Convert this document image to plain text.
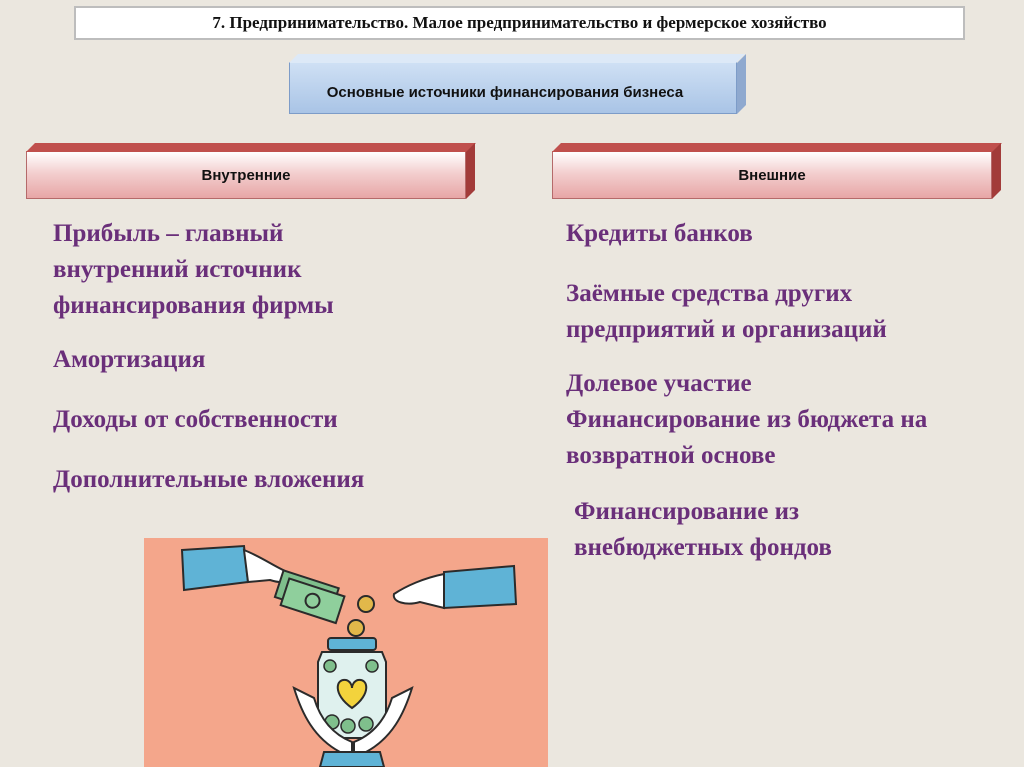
7. Предпринимательство. Малое предпринимательство и фермерское хозяйство
Основные источники финансирования бизнеса
Внутренние	Внешние

Прибыль – главный внутренний источник финансирования фирмы

Амортизация

Доходы от собственности

Дополнительные вложения

Кредиты банков

Заёмные средства других предприятий и организаций

Долевое участие

Финансирование из бюджета на возвратной основе

Финансирование из внебюджетных фондов
